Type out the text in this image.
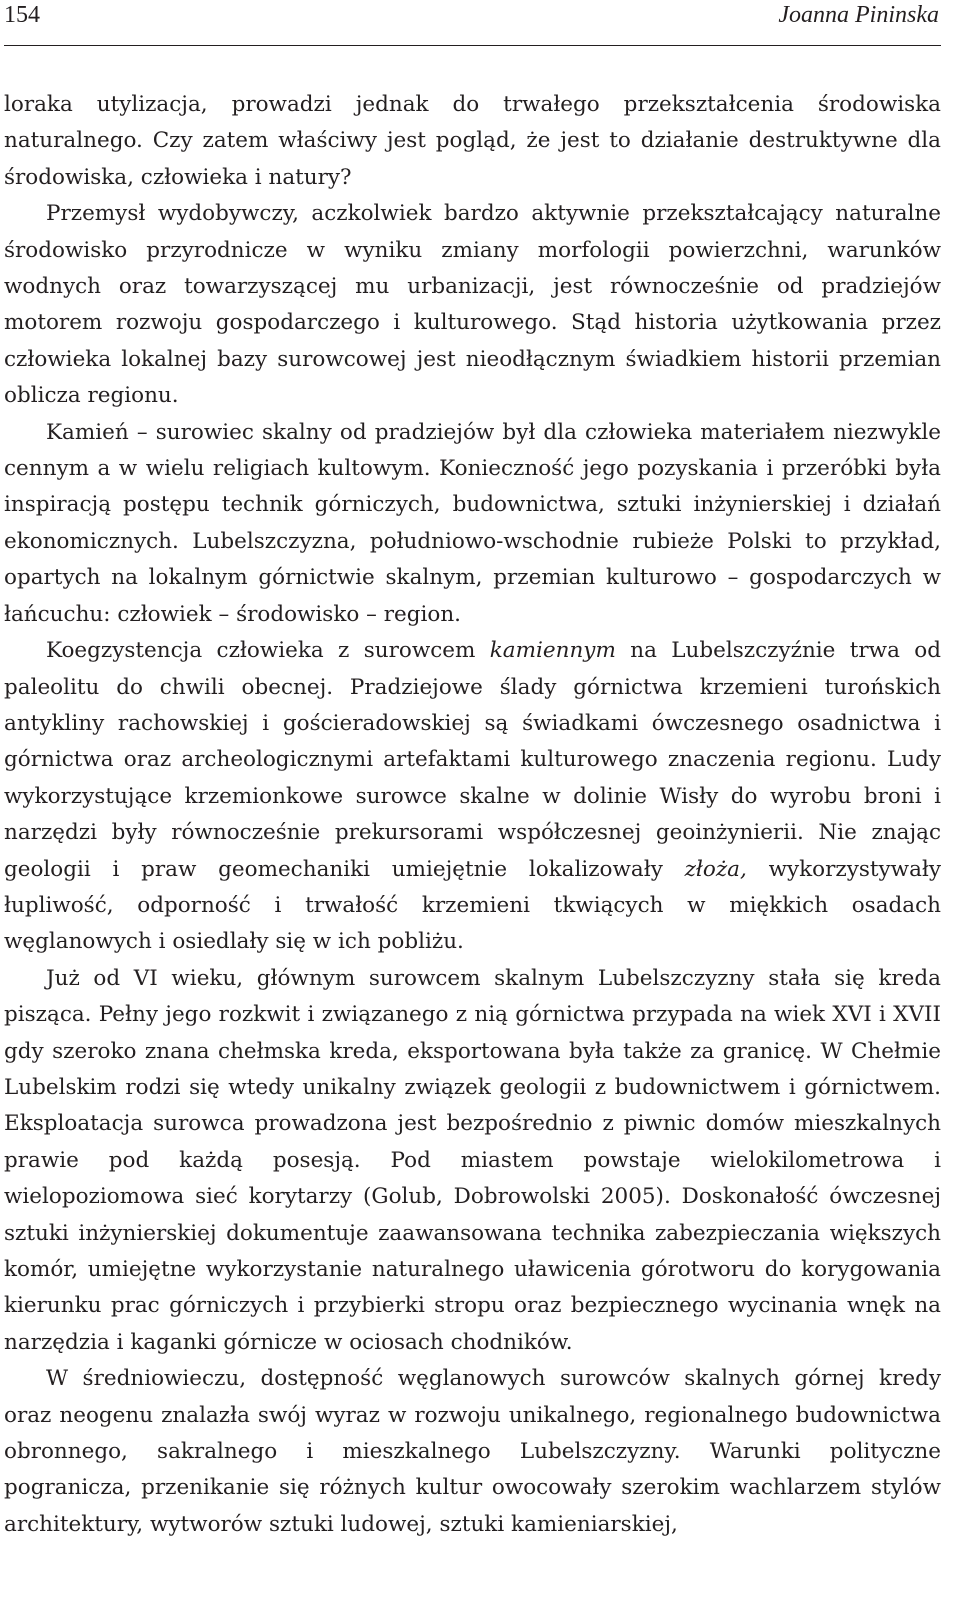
154	Joanna Pininska

loraka utylizacja, prowadzi jednak do trwałego przekształcenia środowiska naturalnego. Czy zatem właściwy jest pogląd, że jest to działanie destruktywne dla środowiska, człowieka i natury?

Przemysł wydobywczy, aczkolwiek bardzo aktywnie przekształcający naturalne środowisko przyrodnicze w wyniku zmiany morfologii powierzchni, warunków wodnych oraz towarzyszącej mu urbanizacji, jest równocześnie od pradziejów motorem rozwoju gospodarczego i kulturowego. Stąd historia użytkowania przez człowieka lokalnej bazy surowcowej jest nieodłącznym świadkiem historii przemian oblicza regionu.

Kamień – surowiec skalny od pradziejów był dla człowieka materiałem niezwykle cennym a w wielu religiach kultowym. Konieczność jego pozyskania i przeróbki była inspiracją postępu technik górniczych, budownictwa, sztuki inżynierskiej i działań ekonomicznych. Lubelszczyzna, południowo-wschodnie rubieże Polski to przykład, opartych na lokalnym górnictwie skalnym, przemian kulturowo – gospodarczych w łańcuchu: człowiek – środowisko – region.

Koegzystencja człowieka z surowcem kamiennym na Lubelszczyźnie trwa od paleolitu do chwili obecnej. Pradziejowe ślady górnictwa krzemieni turońskich antykliny rachowskiej i gościeradowskiej są świadkami ówczesnego osadnictwa i górnictwa oraz archeologicznymi artefaktami kulturowego znaczenia regionu. Ludy wykorzystujące krzemionkowe surowce skalne w dolinie Wisły do wyrobu broni i narzędzi były równocześnie prekursorami współczesnej geoinżynierii. Nie znając geologii i praw geomechaniki umiejętnie lokalizowały złoża, wykorzystywały łupliwość, odporność i trwałość krzemieni tkwiących w miękkich osadach węglanowych i osiedlały się w ich pobliżu.

Już od VI wieku, głównym surowcem skalnym Lubelszczyzny stała się kreda pisząca. Pełny jego rozkwit i związanego z nią górnictwa przypada na wiek XVI i XVII gdy szeroko znana chełmska kreda, eksportowana była także za granicę. W Chełmie Lubelskim rodzi się wtedy unikalny związek geologii z budownictwem i górnictwem. Eksploatacja surowca prowadzona jest bezpośrednio z piwnic domów mieszkalnych prawie pod każdą posesją. Pod miastem powstaje wielokilometrowa i wielopoziomowa sieć korytarzy (Golub, Dobrowolski 2005). Doskonałość ówczesnej sztuki inżynierskiej dokumentuje zaawansowana technika zabezpieczania większych komór, umiejętne wykorzystanie naturalnego uławicenia górotworu do korygowania kierunku prac górniczych i przybierki stropu oraz bezpiecznego wycinania wnęk na narzędzia i kaganki górnicze w ociosach chodników.

W średniowieczu, dostępność węglanowych surowców skalnych górnej kredy oraz neogenu znalazła swój wyraz w rozwoju unikalnego, regionalnego budownictwa obronnego, sakralnego i mieszkalnego Lubelszczyzny. Warunki polityczne pogranicza, przenikanie się różnych kultur owocowały szerokim wachlarzem stylów architektury, wytworów sztuki ludowej, sztuki kamieniarskiej,
